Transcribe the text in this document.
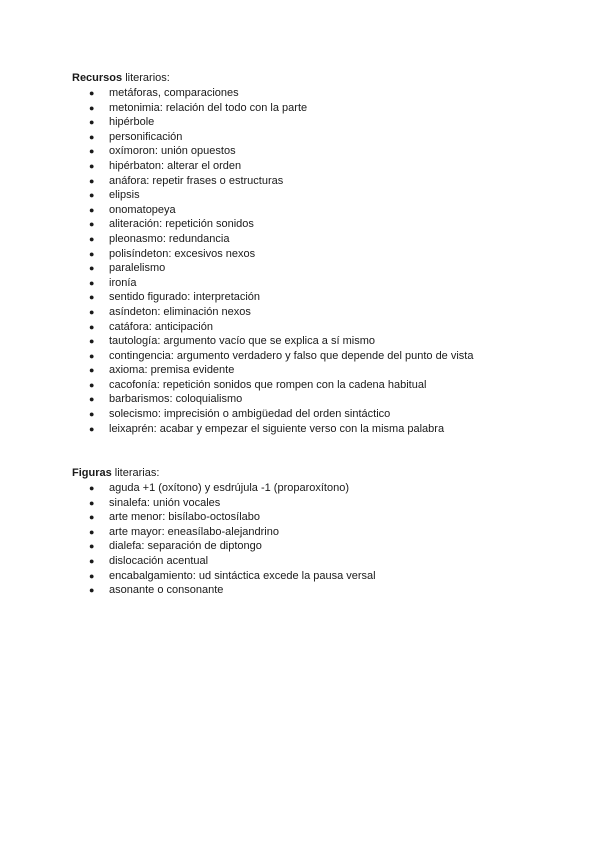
Recursos literarios:
● metáforas, comparaciones
● metonimia: relación del todo con la parte
● hipérbole
● personificación
● oxímoron: unión opuestos
● hipérbaton: alterar el orden
● anáfora: repetir frases o estructuras
● elipsis
● onomatopeya
● aliteración: repetición sonidos
● pleonasmo: redundancia
● polisíndeton: excesivos nexos
● paralelismo
● ironía
● sentido figurado: interpretación
● asíndeton: eliminación nexos
● catáfora: anticipación
● tautología: argumento vacío que se explica a sí mismo
● contingencia: argumento verdadero y falso que depende del punto de vista
● axioma: premisa evidente
● cacofonía: repetición sonidos que rompen con la cadena habitual
● barbarismos: coloquialismo
● solecismo: imprecisión o ambigüedad del orden sintáctico
● leixaprén: acabar y empezar el siguiente verso con la misma palabra
Figuras literarias:
● aguda +1 (oxítono) y esdrújula -1 (proparoxítono)
● sinalefa: unión vocales
● arte menor: bisílabo-octosílabo
● arte mayor: eneasílabo-alejandrino
● dialefa: separación de diptongo
● dislocación acentual
● encabalgamiento: ud sintáctica excede la pausa versal
● asonante o consonante
